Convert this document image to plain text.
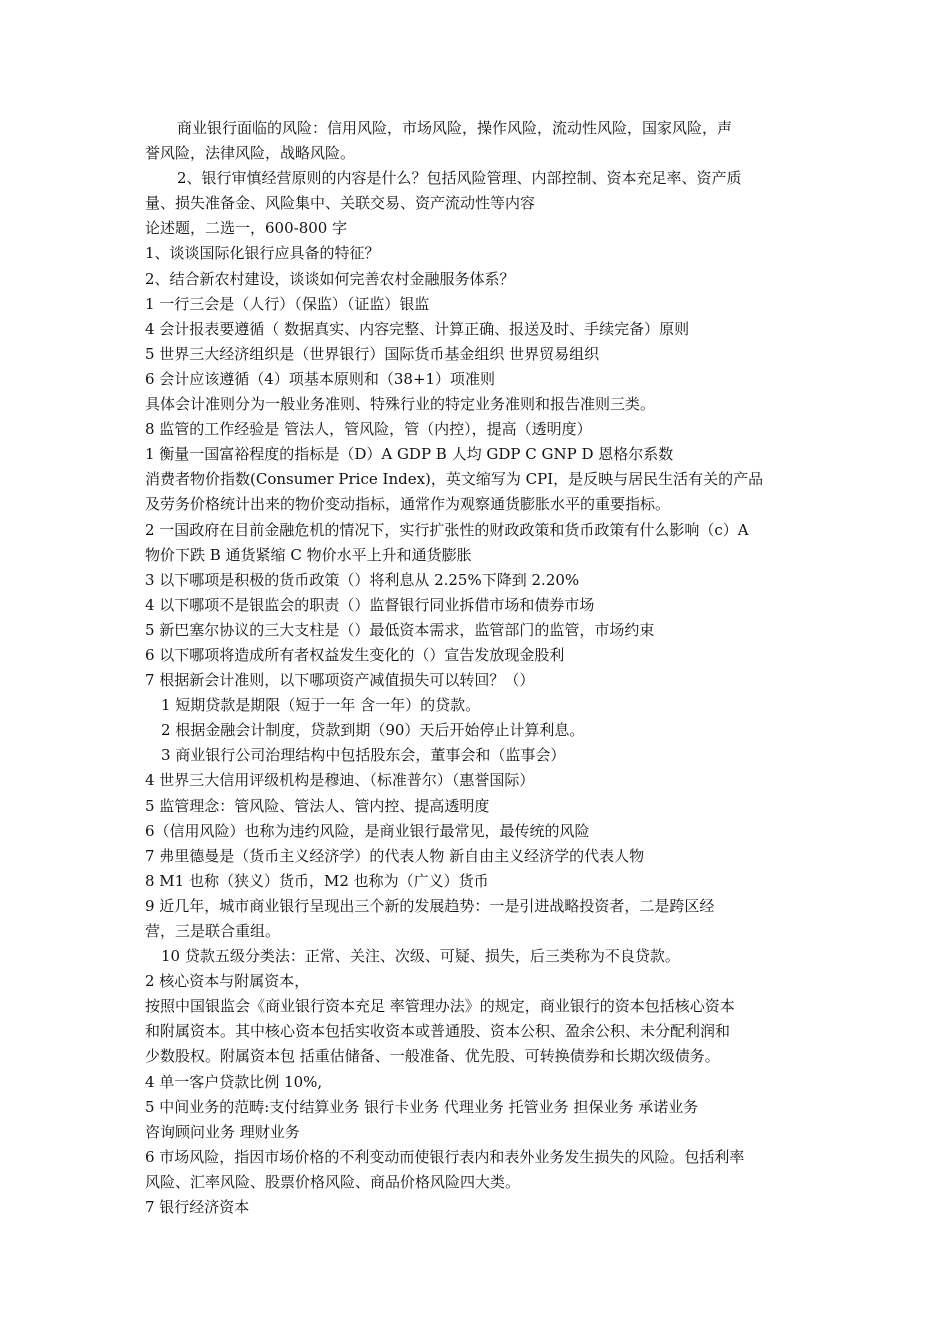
商业银行面临的风险：信用风险，市场风险，操作风险，流动性风险，国家风险，声
誉风险，法律风险，战略风险。
2、银行审慎经营原则的内容是什么？包括风险管理、内部控制、资本充足率、资产质
量、损失准备金、风险集中、关联交易、资产流动性等内容
论述题，二选一，600-800 字
1、谈谈国际化银行应具备的特征？
2、结合新农村建设，谈谈如何完善农村金融服务体系？
1 一行三会是（人行）（保监）（证监）银监
4 会计报表要遵循（ 数据真实、内容完整、计算正确、报送及时、手续完备）原则
5 世界三大经济组织是（世界银行）国际货币基金组织 世界贸易组织
6 会计应该遵循（4）项基本原则和（38+1）项准则
具体会计准则分为一般业务准则、特殊行业的特定业务准则和报告准则三类。
8 监管的工作经验是 管法人，管风险，管（内控），提高（透明度）
1 衡量一国富裕程度的指标是（D）A GDP B 人均 GDP C GNP D 恩格尔系数
消费者物价指数(Consumer Price Index)，英文缩写为 CPI，是反映与居民生活有关的产品
及劳务价格统计出来的物价变动指标，通常作为观察通货膨胀水平的重要指标。
2 一国政府在目前金融危机的情况下，实行扩张性的财政政策和货币政策有什么影响（c）A
物价下跌 B 通货紧缩 C 物价水平上升和通货膨胀
3 以下哪项是积极的货币政策（）将利息从 2.25%下降到 2.20%
4 以下哪项不是银监会的职责（）监督银行同业拆借市场和债券市场
5 新巴塞尔协议的三大支柱是（）最低资本需求，监管部门的监管，市场约束
6 以下哪项将造成所有者权益发生变化的（）宣告发放现金股利
7 根据新会计准则，以下哪项资产减值损失可以转回？（）
1 短期贷款是期限（短于一年 含一年）的贷款。
2 根据金融会计制度，贷款到期（90）天后开始停止计算利息。
3 商业银行公司治理结构中包括股东会，董事会和（监事会）
4 世界三大信用评级机构是穆迪、（标准普尔）（惠誉国际）
5 监管理念：管风险、管法人、管内控、提高透明度
6（信用风险）也称为违约风险，是商业银行最常见，最传统的风险
7 弗里德曼是（货币主义经济学）的代表人物 新自由主义经济学的代表人物
8 M1 也称（狭义）货币，M2 也称为（广义）货币
9 近几年，城市商业银行呈现出三个新的发展趋势：一是引进战略投资者，二是跨区经
营，三是联合重组。
10 贷款五级分类法：正常、关注、次级、可疑、损失，后三类称为不良贷款。
2 核心资本与附属资本，
按照中国银监会《商业银行资本充足 率管理办法》的规定，商业银行的资本包括核心资本
和附属资本。其中核心资本包括实收资本或普通股、资本公积、盈余公积、未分配利润和
少数股权。附属资本包 括重估储备、一般准备、优先股、可转换债券和长期次级债务。
4 单一客户贷款比例 10%,
5 中间业务的范畴:支付结算业务 银行卡业务 代理业务 托管业务 担保业务 承诺业务
咨询顾问业务 理财业务
6 市场风险，指因市场价格的不利变动而使银行表内和表外业务发生损失的风险。包括利率
风险、汇率风险、股票价格风险、商品价格风险四大类。
7 银行经济资本
